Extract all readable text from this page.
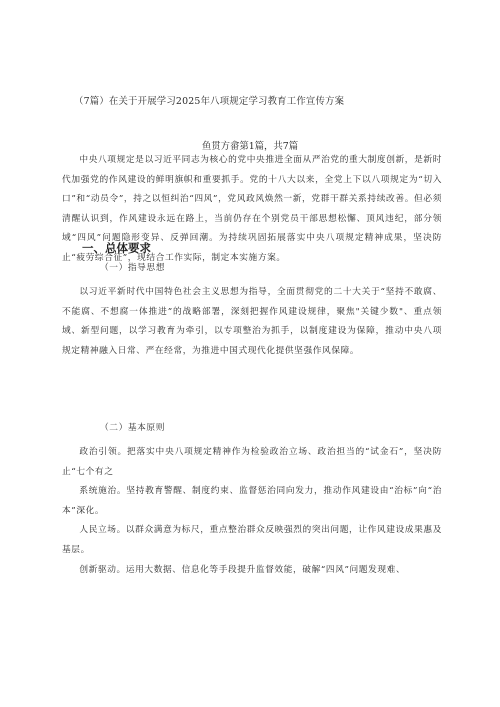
（7篇）在关于开展学习2025年八项规定学习教育工作宣传方案
鱼贯方畲第1篇，共7篇

中央八项规定是以习近平同志为核心的党中央推进全面从严治党的重大制度创新，是新时代加强党的作风建设的鲜明旗帜和重要抓手。党的十八大以来，全党上下以八项规定为“切入口”和“动员令”，持之以恒纠治“四风”，党风政风焕然一新，党群干群关系持续改善。但必须清醒认识到，作风建设永远在路上，当前仍存在个别党员干部思想松懈、顶风违纪，部分领域“四风”问题隐形变异、反弹回潮。为持续巩固拓展落实中央八项规定精神成果，坚决防止“疲劳综合征”，现结合工作实际，制定本实施方案。

一、总体要求
（一）指导思想

以习近平新时代中国特色社会主义思想为指导，全面贯彻党的二十大关于“坚持不敢腐、不能腐、不想腐一体推进”的战略部署，深刻把握作风建设规律，聚焦"关键少数"、重点领域、新型问题，以学习教育为牵引，以专项整治为抓手，以制度建设为保障，推动中央八项规定精神融入日常、严在经常，为推进中国式现代化提供坚强作风保障。

（二）基本原则

政治引领。把落实中央八项规定精神作为检验政治立场、政治担当的“试金石”，坚决防止“七个有之

系统施治。坚持教育警醒、制度约束、监督惩治同向发力，推动作风建设由“治标”向“治本”深化。

人民立场。以群众满意为标尺，重点整治群众反映强烈的突出问题，让作风建设成果惠及基层。

创新驱动。运用大数据、信息化等手段提升监督效能，破解“四风”问题发现难、
